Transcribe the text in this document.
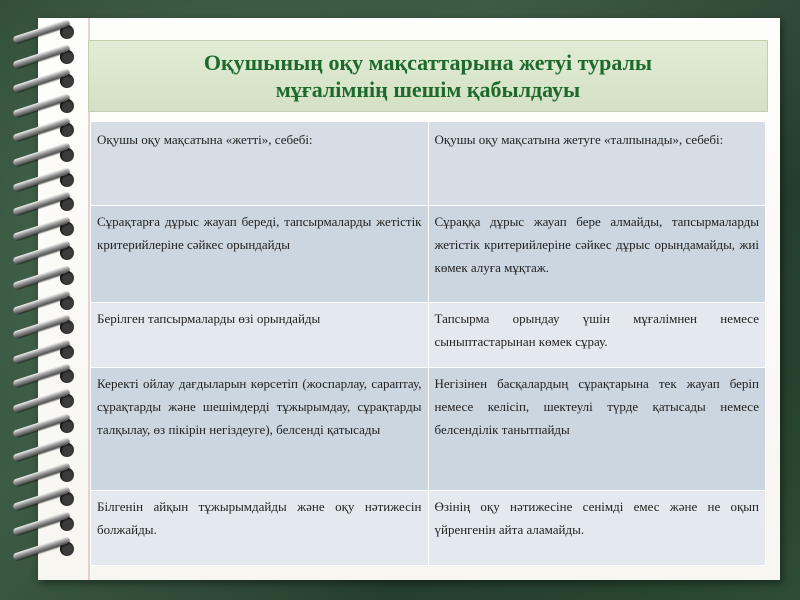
Оқушының оқу мақсаттарына жетуі туралы
мұғалімнің шешім қабылдауы
Оқушы оқу мақсатына «жетті», себебі:	Оқушы оқу мақсатына жетуге «талпынады», себебі:
Сұрақтарға дұрыс жауап береді, тапсырмаларды жетістік критерийлеріне сәйкес орындайды	Сұраққа дұрыс жауап бере алмайды, тапсырмаларды жетістік критерийлеріне сәйкес дұрыс орындамайды, жиі көмек алуға мұқтаж.
Берілген тапсырмаларды өзі орындайды	Тапсырма орындау үшін мұғалімнен немесе сыныптастарынан көмек сұрау.
Керекті ойлау дағдыларын көрсетіп (жоспарлау, сараптау, сұрақтарды және шешімдерді тұжырымдау, сұрақтарды талқылау, өз пікірін негіздеуге), белсенді қатысады	Негізінен басқалардың сұрақтарына тек жауап беріп немесе келісіп, шектеулі түрде қатысады немесе белсенділік танытпайды
Білгенін айқын тұжырымдайды және оқу нәтижесін болжайды.	Өзінің оқу нәтижесіне сенімді емес және не оқып үйренгенін айта аламайды.
